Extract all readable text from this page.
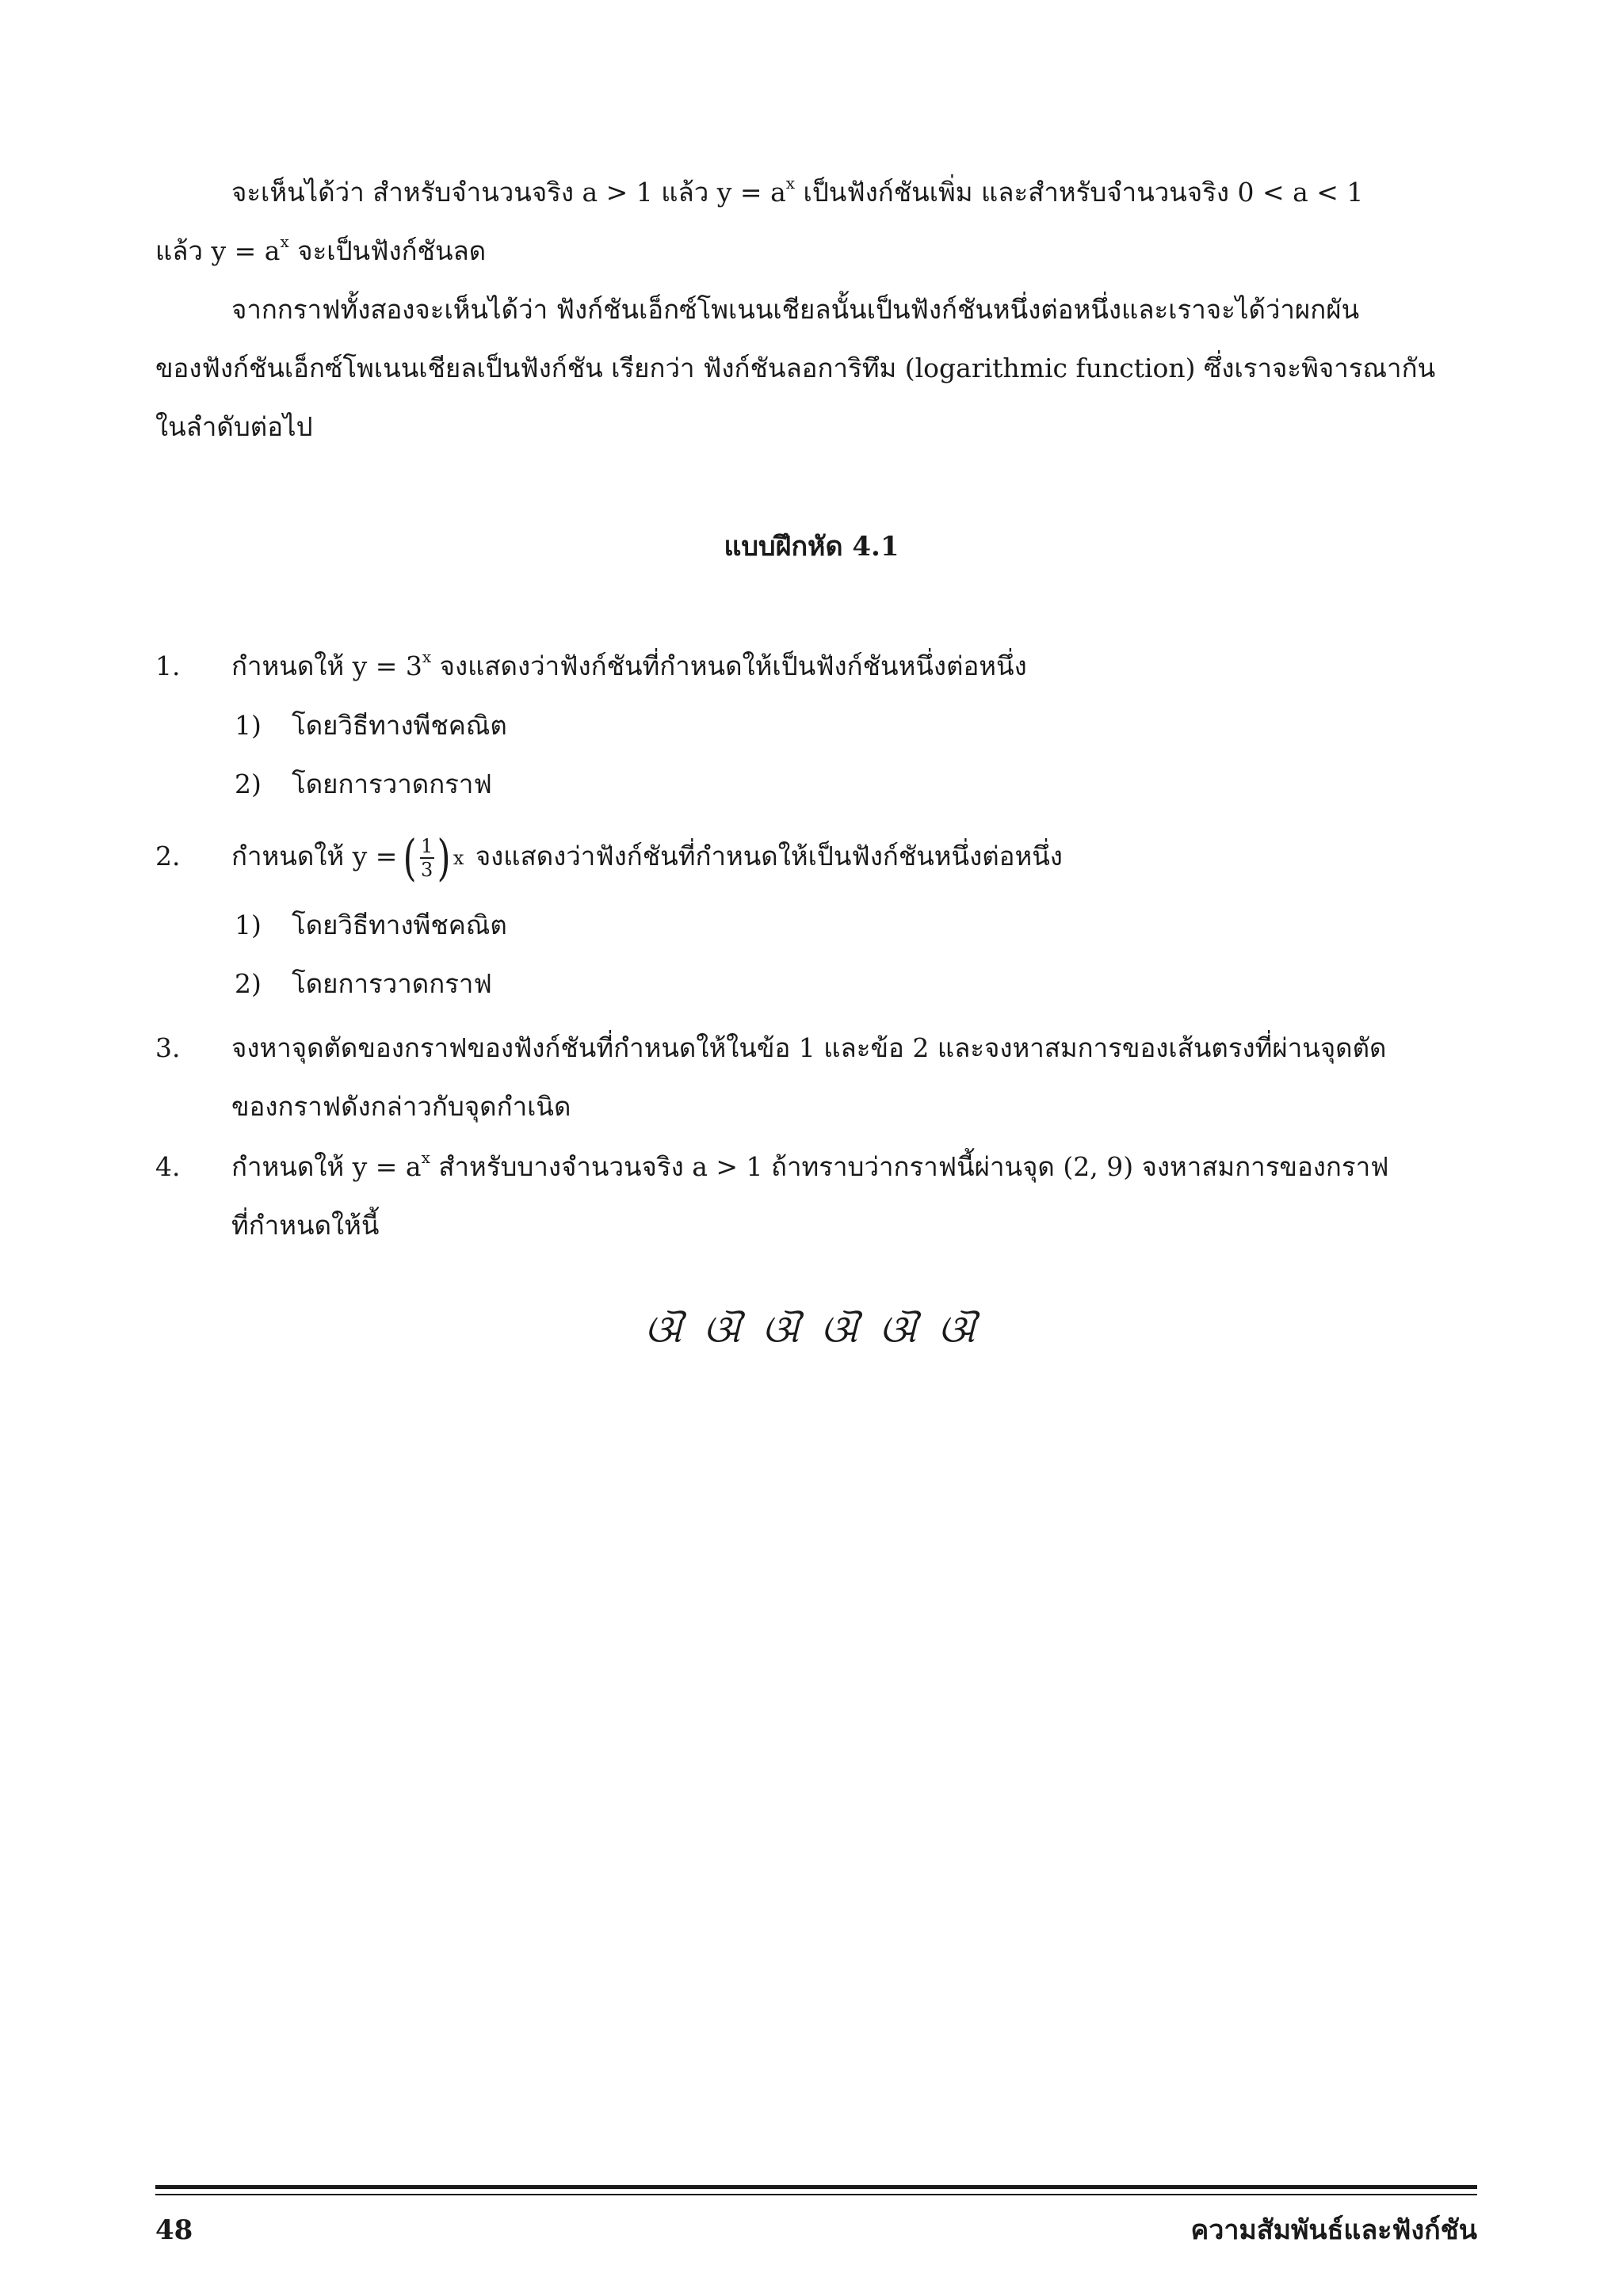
จะเห็นได้ว่า สำหรับจำนวนจริง a > 1 แล้ว $y = a^x$ เป็นฟังก์ชันเพิ่ม และสำหรับจำนวนจริง 0 < a < 1
แล้ว $y = a^x$ จะเป็นฟังก์ชันลด

จากกราฟทั้งสองจะเห็นได้ว่า ฟังก์ชันเอ็กซ์โพเนนเชียลนั้นเป็นฟังก์ชันหนึ่งต่อหนึ่งและเราจะได้ว่าผกผัน
ของฟังก์ชันเอ็กซ์โพเนนเชียลเป็นฟังก์ชัน เรียกว่า ฟังก์ชันลอการิทึม (logarithmic function) ซึ่งเราจะพิจารณากัน
ในลำดับต่อไป

แบบฝึกหัด 4.1
1.	กำหนดให้ $y = 3^x$ จงแสดงว่าฟังก์ชันที่กำหนดให้เป็นฟังก์ชันหนึ่งต่อหนึ่ง
1) โดยวิธีทางพีชคณิต
2) โดยการวาดกราฟ
2.	กำหนดให้ y = ( $\frac{1}{3}$ ) x จงแสดงว่าฟังก์ชันที่กำหนดให้เป็นฟังก์ชันหนึ่งต่อหนึ่ง
1) โดยวิธีทางพีชคณิต
2) โดยการวาดกราฟ
3.	จงหาจุดตัดของกราฟของฟังก์ชันที่กำหนดให้ในข้อ 1 และข้อ 2 และจงหาสมการของเส้นตรงที่ผ่านจุดตัด
ของกราฟดังกล่าวกับจุดกำเนิด
4.	กำหนดให้ $y = a^x$ สำหรับบางจำนวนจริง a > 1 ถ้าทราบว่ากราฟนี้ผ่านจุด (2, 9) จงหาสมการของกราฟ
ที่กำหนดให้นี้
ଔ ଔ ଔ ଔ ଔ ଔ
48	ความสัมพันธ์และฟังก์ชัน
